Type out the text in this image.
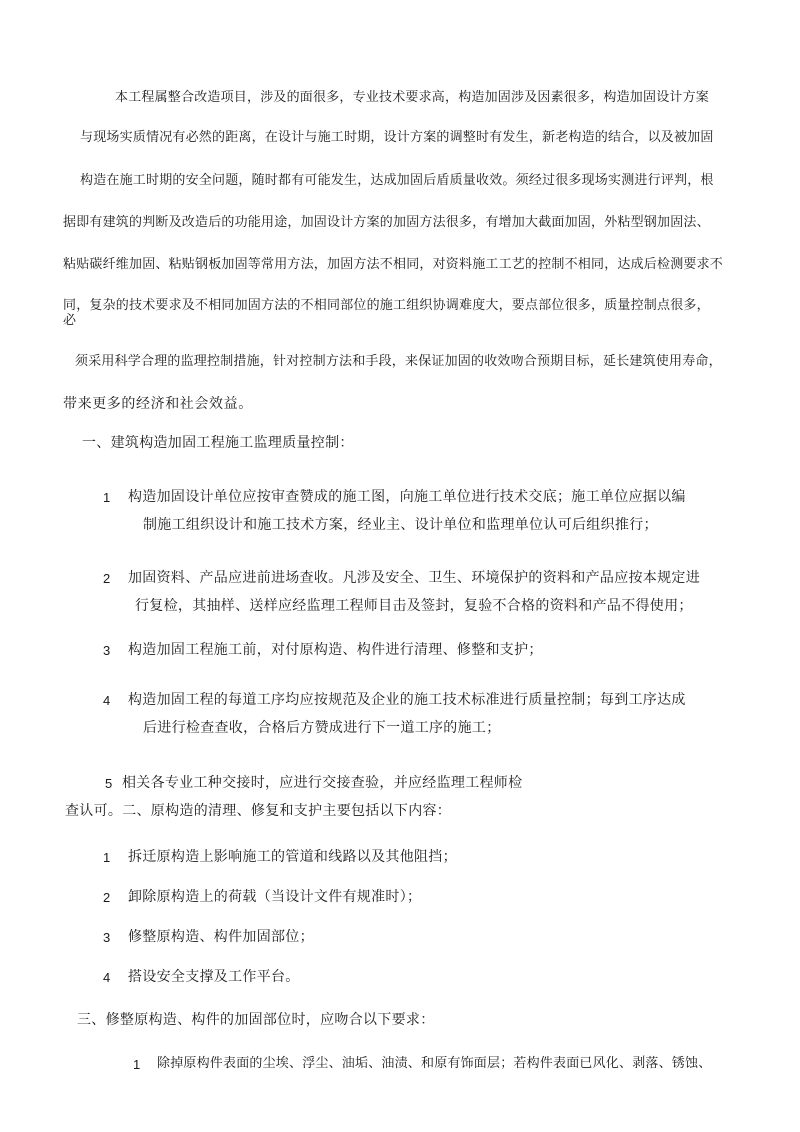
本工程属整合改造项目，涉及的面很多，专业技术要求高，构造加固涉及因素很多，构造加固设计方案
与现场实质情况有必然的距离，在设计与施工时期，设计方案的调整时有发生，新老构造的结合，以及被加固
构造在施工时期的安全问题，随时都有可能发生，达成加固后盾质量收效。须经过很多现场实测进行评判，根
据即有建筑的判断及改造后的功能用途，加固设计方案的加固方法很多，有增加大截面加固，外粘型钢加固法、
粘贴碳纤维加固、粘贴钢板加固等常用方法，加固方法不相同，对资料施工工艺的控制不相同，达成后检测要求不
同，复杂的技术要求及不相同加固方法的不相同部位的施工组织协调难度大，要点部位很多，质量控制点很多，
必
须采用科学合理的监理控制措施，针对控制方法和手段，来保证加固的收效吻合预期目标，延长建筑使用寿命，
带来更多的经济和社会效益。
一、建筑构造加固工程施工监理质量控制：
1 构造加固设计单位应按审查赞成的施工图，向施工单位进行技术交底；施工单位应据以编
制施工组织设计和施工技术方案，经业主、设计单位和监理单位认可后组织推行；
2 加固资料、产品应进前进场查收。凡涉及安全、卫生、环境保护的资料和产品应按本规定进
行复检，其抽样、送样应经监理工程师目击及签封，复验不合格的资料和产品不得使用；
3 构造加固工程施工前，对付原构造、构件进行清理、修整和支护；
4 构造加固工程的每道工序均应按规范及企业的施工技术标准进行质量控制；每到工序达成
后进行检查查收，合格后方赞成进行下一道工序的施工；
5 相关各专业工种交接时，应进行交接查验，并应经监理工程师检
查认可。二、原构造的清理、修复和支护主要包括以下内容：
1 拆迁原构造上影响施工的管道和线路以及其他阻挡；
2 卸除原构造上的荷载（当设计文件有规准时）；
3 修整原构造、构件加固部位；
4 搭设安全支撑及工作平台。
三、修整原构造、构件的加固部位时，应吻合以下要求：
1 除掉原构件表面的尘埃、浮尘、油垢、油渍、和原有饰面层；若构件表面已风化、剥落、锈蚀、
